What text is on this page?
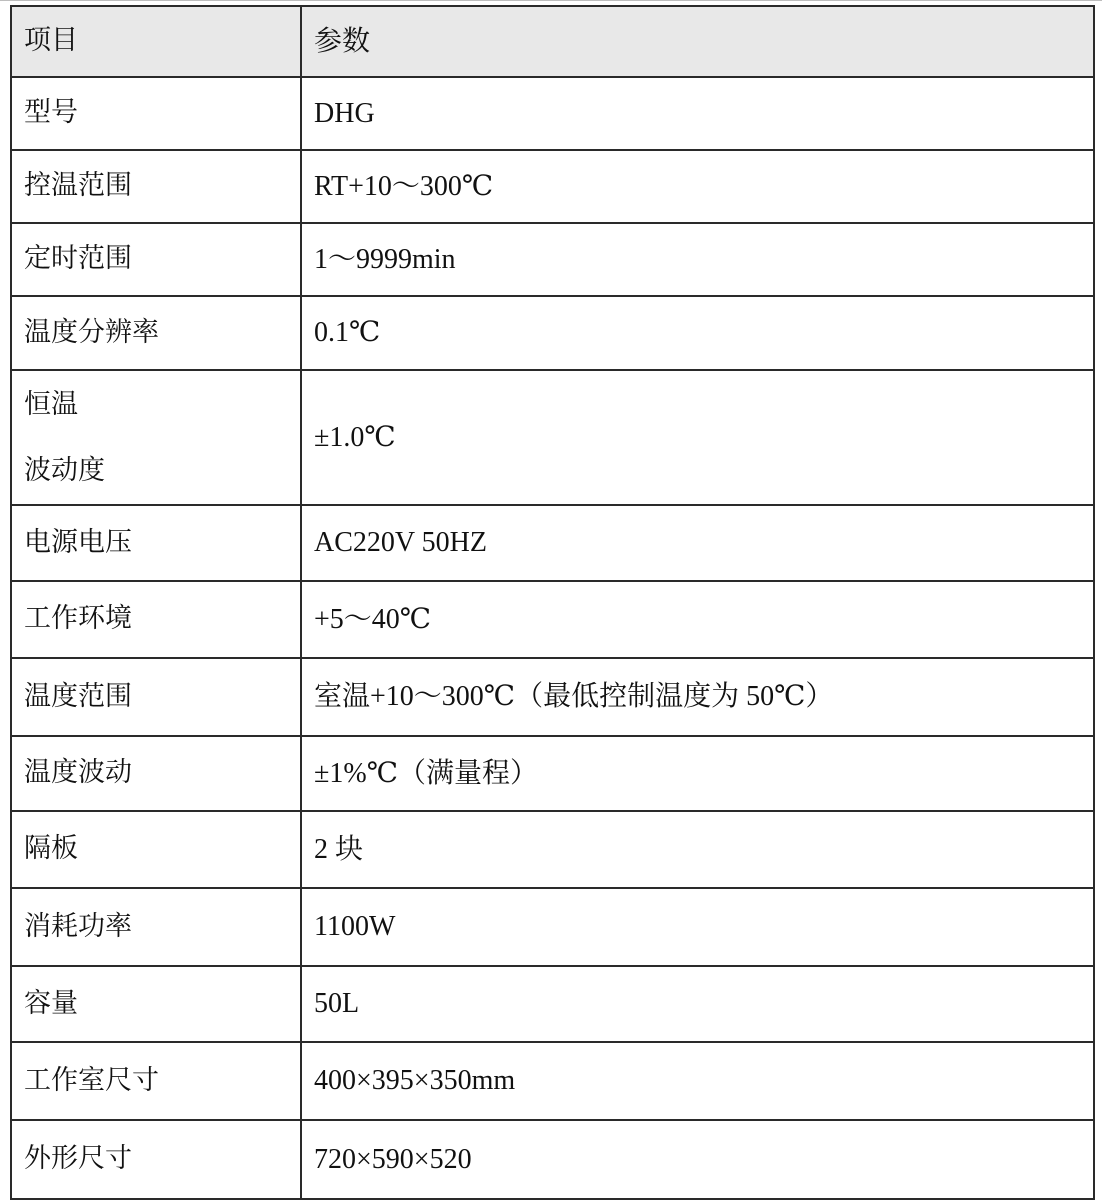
项目	参数
型号	DHG
控温范围	RT+10～300℃
定时范围	1～9999min
温度分辨率	0.1℃

恒温
波动度	±1.0℃
电源电压	AC220V 50HZ
工作环境	+5～40℃
温度范围	室温+10～300℃（最低控制温度为 50℃）
温度波动	±1%℃（满量程）
隔板	2 块
消耗功率	1100W
容量	50L
工作室尺寸	400×395×350mm
外形尺寸	720×590×520
